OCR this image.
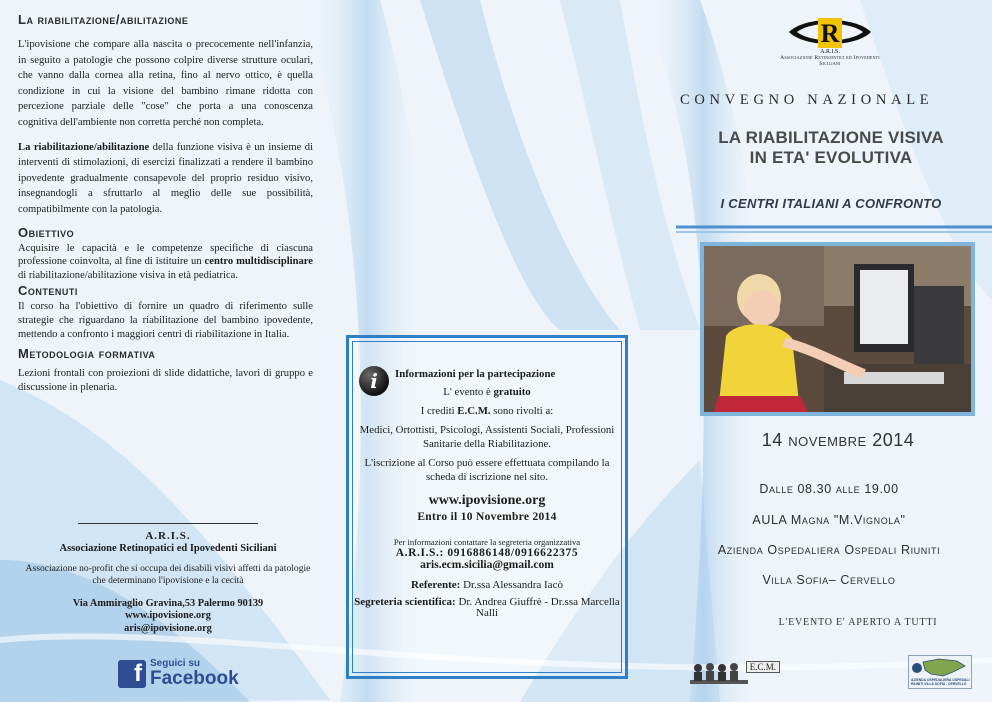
La riabilitazione/abilitazione
L'ipovisione che compare alla nascita o precocemente nell'infanzia, in seguito a patologie che possono colpire diverse strutture oculari, che vanno dalla cornea alla retina, fino al nervo ottico, è quella condizione in cui la visione del bambino rimane ridotta con percezione parziale delle "cose" che porta a una conoscenza cognitiva dell'ambiente non corretta perché non completa.
La riabilitazione/abilitazione della funzione visiva è un insieme di interventi di stimolazioni, di esercizi finalizzati a rendere il bambino ipovedente gradualmente consapevole del proprio residuo visivo, insegnandogli a sfruttarlo al meglio delle sue possibilità, compatibilmente con la patologia.
Obiettivo
Acquisire le capacità e le competenze specifiche di ciascuna professione coinvolta, al fine di istituire un centro multidisciplinare di riabilitazione/abilitazione visiva in età pediatrica.
Contenuti
Il corso ha l'obiettivo di fornire un quadro di riferimento sulle strategie che riguardano la riabilitazione del bambino ipovedente, mettendo a confronto i maggiori centri di riabilitazione in Italia.
Metodologia formativa
Lezioni frontali con proiezioni di slide didattiche, lavori di gruppo e discussione in plenaria.
A.R.I.S.
Associazione Retinopatici ed Ipovedenti Siciliani
Associazione no-profit che si occupa dei disabili visivi affetti da patologie che determinano l'ipovisione e la cecità
Via Ammiraglio Gravina,53 Palermo 90139
www.ipovisione.org
aris@ipovisione.org
f Seguici su
Facebook
i	Informazioni per la partecipazione
L' evento è gratuito
I crediti E.C.M. sono rivolti a:
Medici, Ortottisti, Psicologi, Assistenti Sociali, Professioni Sanitarie della Riabilitazione.
L'iscrizione al Corso può essere effettuata compilando la scheda di iscrizione nel sito.
www.ipovisione.org
Entro il 10 Novembre 2014
Per informazioni contattare la segreteria organizzativa
A.R.I.S.: 0916886148/0916622375
aris.ecm.sicilia@gmail.com
Referente: Dr.ssa Alessandra Iacò
Segreteria scientifica: Dr. Andrea Giuffrè - Dr.ssa Marcella Nalli
R
A.R.I.S.
Associazione Retinopatici ed Ipovedenti Siciliani
CONVEGNO NAZIONALE
LA RIABILITAZIONE VISIVA
IN ETA' EVOLUTIVA
I CENTRI ITALIANI A CONFRONTO
14 novembre 2014
Dalle 08.30 alle 19.00
AULA Magna "M.Vignola"
Azienda Ospedaliera Ospedali Riuniti
Villa Sofia– Cervello
L'EVENTO E' APERTO A TUTTI
E.C.M.
AZIENDA OSPEDALIERA OSPEDALI RIUNITI VILLA SOFIA - CERVELLO
